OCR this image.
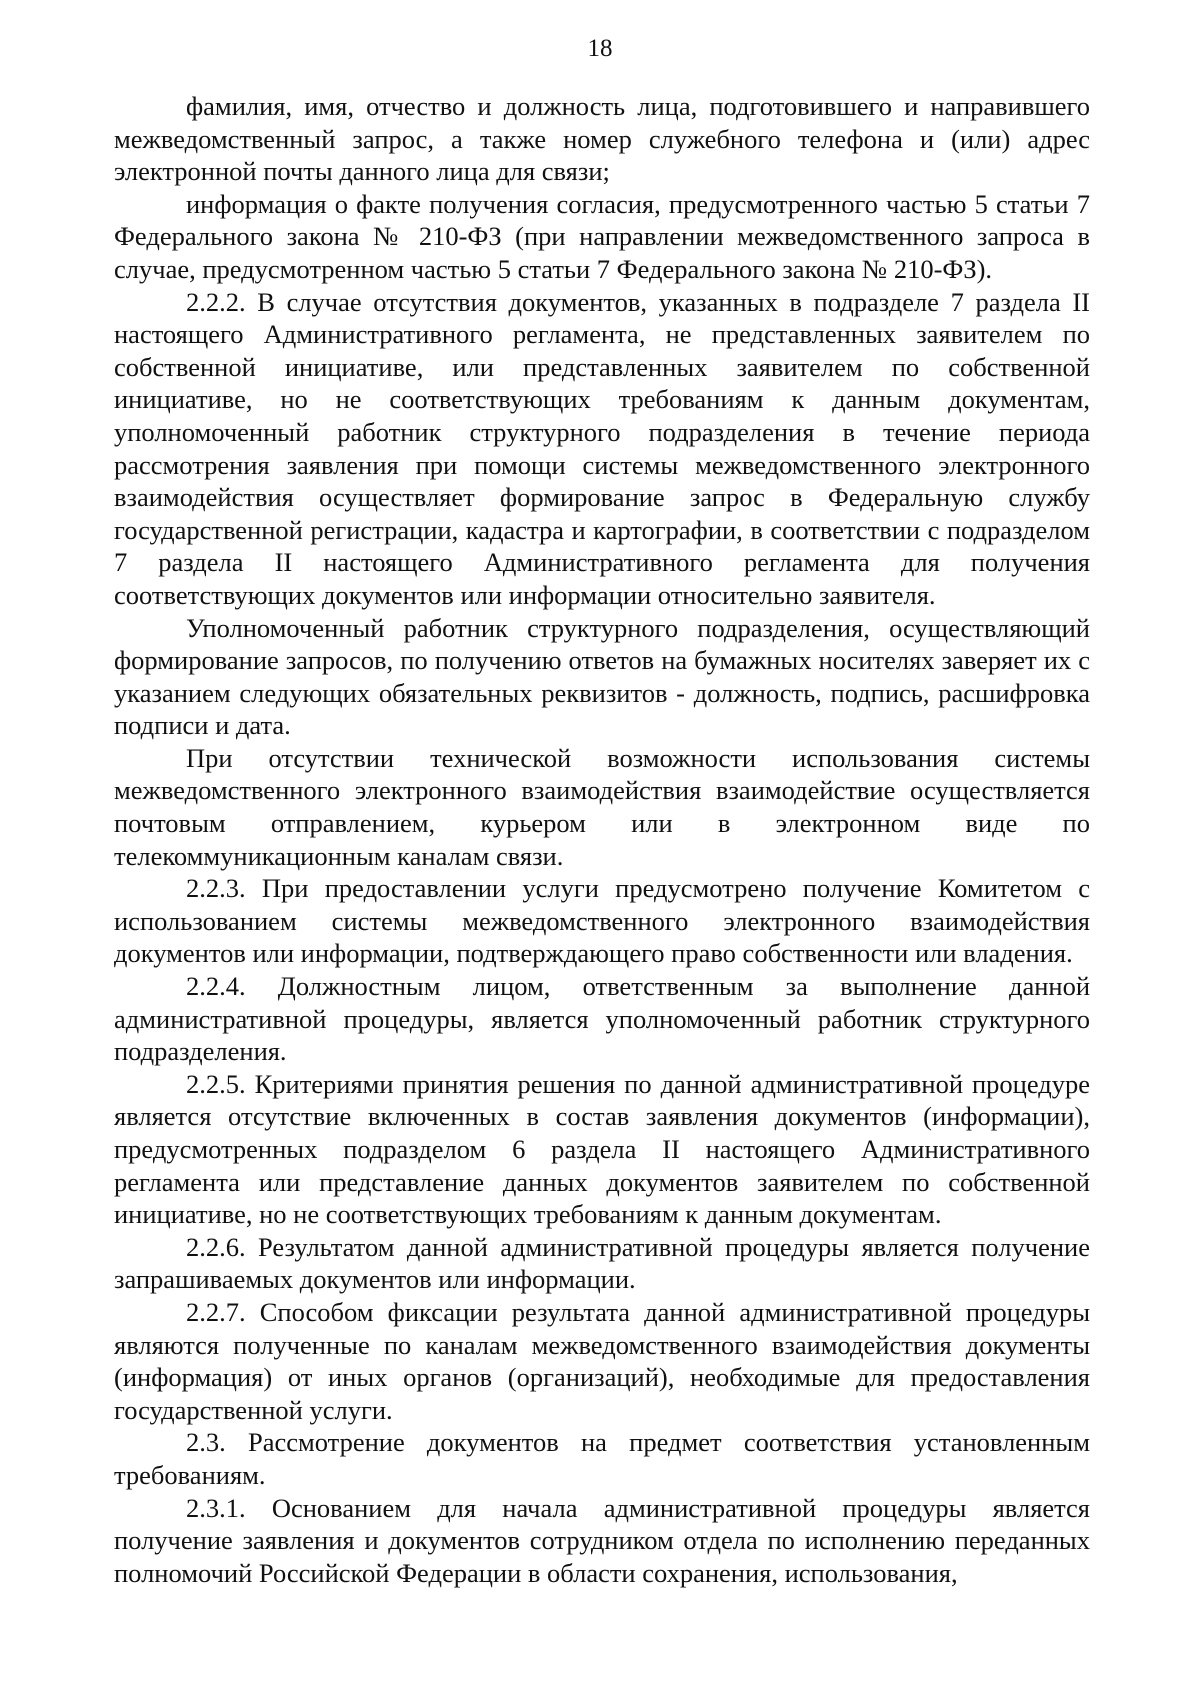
18

фамилия, имя, отчество и должность лица, подготовившего и направившего межведомственный запрос, а также номер служебного телефона и (или) адрес электронной почты данного лица для связи;

информация о факте получения согласия, предусмотренного частью 5 статьи 7 Федерального закона № 210-ФЗ (при направлении межведомственного запроса в случае, предусмотренном частью 5 статьи 7 Федерального закона № 210-ФЗ).

2.2.2. В случае отсутствия документов, указанных в подразделе 7 раздела II настоящего Административного регламента, не представленных заявителем по собственной инициативе, или представленных заявителем по собственной инициативе, но не соответствующих требованиям к данным документам, уполномоченный работник структурного подразделения в течение периода рассмотрения заявления при помощи системы межведомственного электронного взаимодействия осуществляет формирование запрос в Федеральную службу государственной регистрации, кадастра и картографии, в соответствии с подразделом 7 раздела II настоящего Административного регламента для получения соответствующих документов или информации относительно заявителя.

Уполномоченный работник структурного подразделения, осуществляющий формирование запросов, по получению ответов на бумажных носителях заверяет их с указанием следующих обязательных реквизитов - должность, подпись, расшифровка подписи и дата.

При отсутствии технической возможности использования системы межведомственного электронного взаимодействия взаимодействие осуществляется почтовым отправлением, курьером или в электронном виде по телекоммуникационным каналам связи.

2.2.3. При предоставлении услуги предусмотрено получение Комитетом с использованием системы межведомственного электронного взаимодействия документов или информации, подтверждающего право собственности или владения.

2.2.4. Должностным лицом, ответственным за выполнение данной административной процедуры, является уполномоченный работник структурного подразделения.

2.2.5. Критериями принятия решения по данной административной процедуре является отсутствие включенных в состав заявления документов (информации), предусмотренных подразделом 6 раздела II настоящего Административного регламента или представление данных документов заявителем по собственной инициативе, но не соответствующих требованиям к данным документам.

2.2.6. Результатом данной административной процедуры является получение запрашиваемых документов или информации.

2.2.7. Способом фиксации результата данной административной процедуры являются полученные по каналам межведомственного взаимодействия документы (информация) от иных органов (организаций), необходимые для предоставления государственной услуги.

2.3. Рассмотрение документов на предмет соответствия установленным требованиям.

2.3.1. Основанием для начала административной процедуры является получение заявления и документов сотрудником отдела по исполнению переданных полномочий Российской Федерации в области сохранения, использования,
